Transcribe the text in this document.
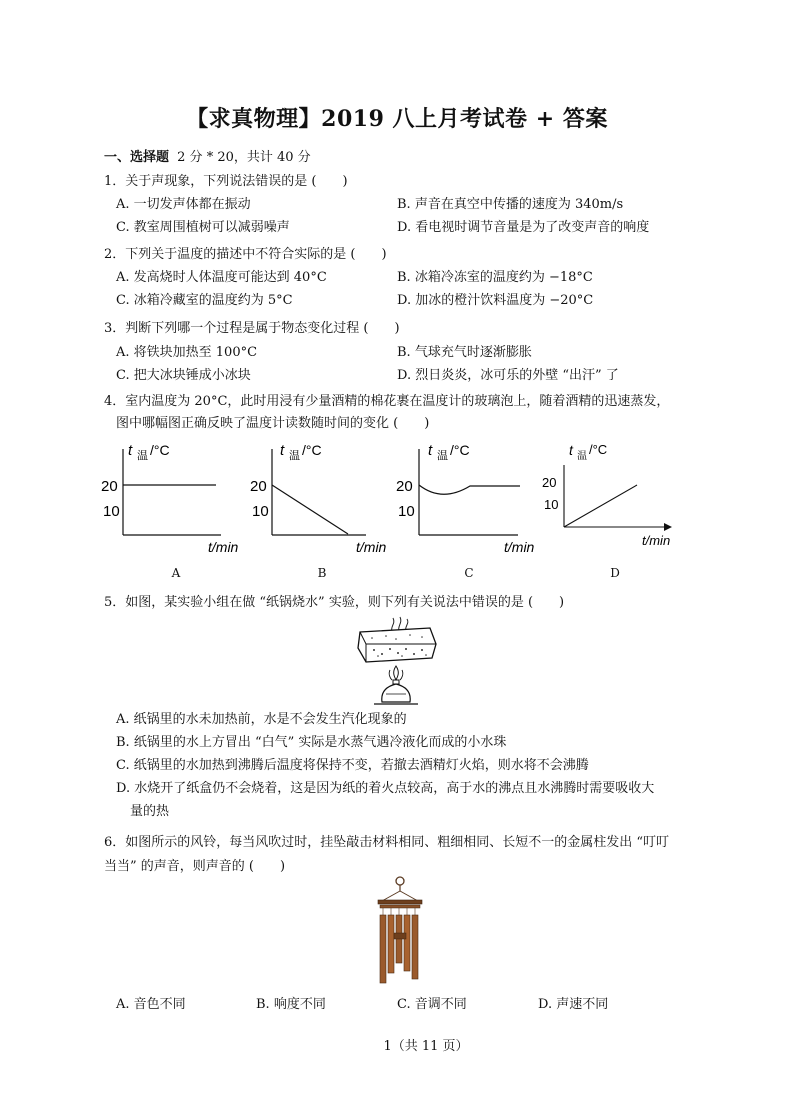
【求真物理】2019 八上月考试卷 + 答案
一、选择题 2 分 * 20，共计 40 分
1．关于声现象，下列说法错误的是 (　　)
A. 一切发声体都在振动	B. 声音在真空中传播的速度为 340m/s
C. 教室周围植树可以减弱噪声	D. 看电视时调节音量是为了改变声音的响度
2．下列关于温度的描述中不符合实际的是 (　　)
A. 发高烧时人体温度可能达到 40°C	B. 冰箱冷冻室的温度约为 −18°C
C. 冰箱冷藏室的温度约为 5°C	D. 加冰的橙汁饮料温度为 −20°C
3．判断下列哪一个过程是属于物态变化过程 (　　)
A. 将铁块加热至 100°C	B. 气球充气时逐渐膨胀
C. 把大冰块锤成小冰块	D. 烈日炎炎，冰可乐的外壁 “出汗” 了
4．室内温度为 20°C，此时用浸有少量酒精的棉花裹在温度计的玻璃泡上，随着酒精的迅速蒸发，
图中哪幅图正确反映了温度计读数随时间的变化 (　　)
t 温 /°C
20
10
t/min
t 温 /°C
20
10
t/min
t 温 /°C
20
10
t/min
t 温 /°C
20
10
t/min
A	B	C	D
5．如图，某实验小组在做 “纸锅烧水” 实验，则下列有关说法中错误的是 (　　)
A. 纸锅里的水未加热前，水是不会发生汽化现象的
B. 纸锅里的水上方冒出 “白气” 实际是水蒸气遇冷液化而成的小水珠
C. 纸锅里的水加热到沸腾后温度将保持不变，若撤去酒精灯火焰，则水将不会沸腾
D. 水烧开了纸盒仍不会烧着，这是因为纸的着火点较高，高于水的沸点且水沸腾时需要吸收大
量的热
6．如图所示的风铃，每当风吹过时，挂坠敲击材料相同、粗细相同、长短不一的金属柱发出 “叮叮
当当” 的声音，则声音的 (　　)
A. 音色不同	B. 响度不同	C. 音调不同	D. 声速不同
1（共 11 页）
